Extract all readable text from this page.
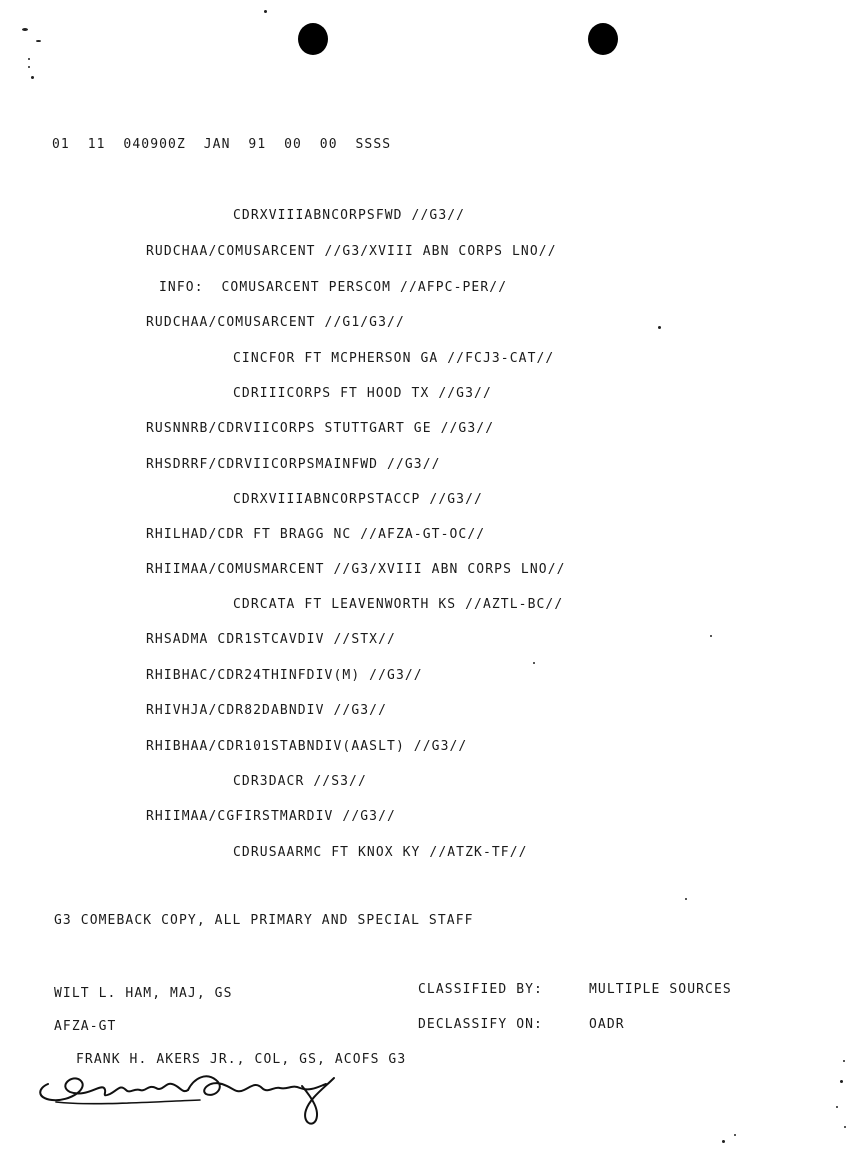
01  11  040900Z  JAN  91  00  00  SSSS
CDRXVIIIABNCORPSFWD //G3//
RUDCHAA/COMUSARCENT //G3/XVIII ABN CORPS LNO//
INFO:  COMUSARCENT PERSCOM //AFPC-PER//
RUDCHAA/COMUSARCENT //G1/G3//
CINCFOR FT MCPHERSON GA //FCJ3-CAT//
CDRIIICORPS FT HOOD TX //G3//
RUSNNRB/CDRVIICORPS STUTTGART GE //G3//
RHSDRRF/CDRVIICORPSMAINFWD //G3//
CDRXVIIIABNCORPSTACCP //G3//
RHILHAD/CDR FT BRAGG NC //AFZA-GT-OC//
RHIIMAA/COMUSMARCENT //G3/XVIII ABN CORPS LNO//
CDRCATA FT LEAVENWORTH KS //AZTL-BC//
RHSADMA CDR1STCAVDIV //STX//
RHIBHAC/CDR24THINFDIV(M) //G3//
RHIVHJA/CDR82DABNDIV //G3//
RHIBHAA/CDR101STABNDIV(AASLT) //G3//
CDR3DACR //S3//
RHIIMAA/CGFIRSTMARDIV //G3//
CDRUSAARMC FT KNOX KY //ATZK-TF//
G3 COMEBACK COPY, ALL PRIMARY AND SPECIAL STAFF
WILT L. HAM, MAJ, GS
AFZA-GT
CLASSIFIED BY:	MULTIPLE SOURCES
DECLASSIFY ON:	OADR
FRANK H. AKERS JR., COL, GS, ACOFS G3
